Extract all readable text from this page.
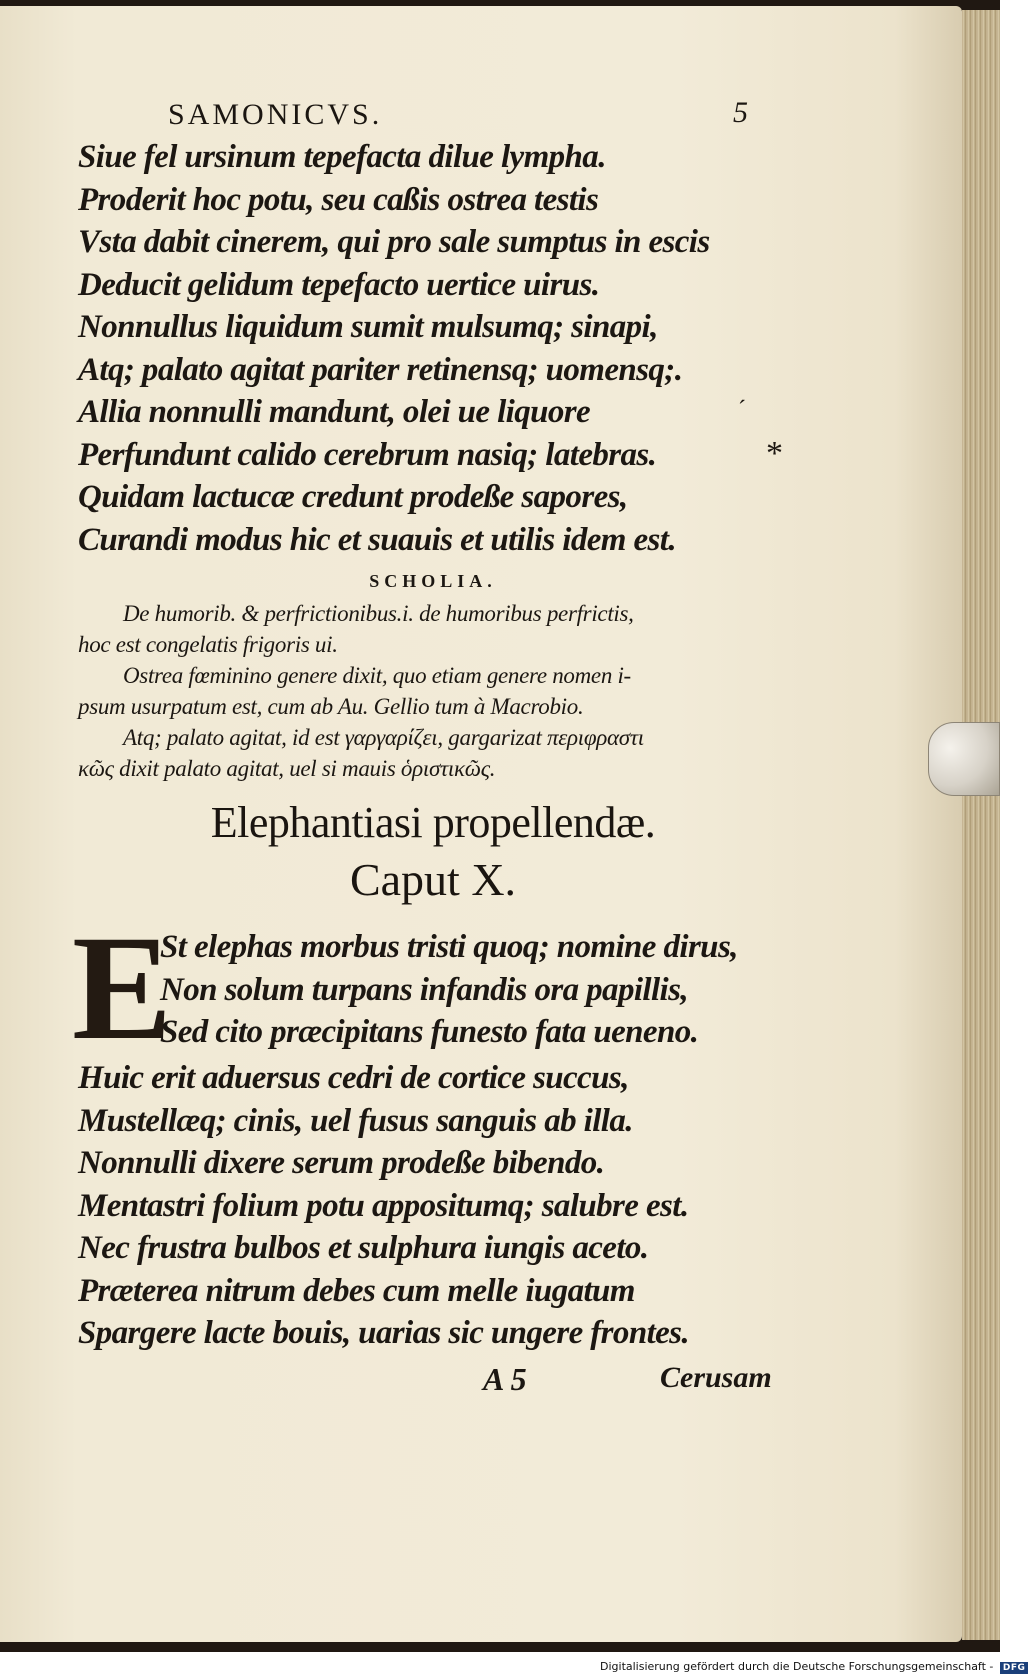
SAMONICVS.	5
Siue fel ursinum tepefacta dilue lympha.
Proderit hoc potu, seu caßis ostrea testis
Vsta dabit cinerem, qui pro sale sumptus in escis
Deducit gelidum tepefacto uertice uirus.
Nonnullus liquidum sumit mulsumq; sinapi,
Atq; palato agitat pariter retinensq; uomensq;.
Allia nonnulli mandunt, olei ue liquore
Perfundunt calido cerebrum nasiq; latebras.
Quidam lactucæ credunt prodeße sapores,
Curandi modus hic et suauis et utilis idem est.
SCHOLIA.
De humorib. & perfrictionibus.i. de humoribus perfrictis,
hoc est congelatis frigoris ui.
Ostrea fœminino genere dixit, quo etiam genere nomen i-
psum usurpatum est, cum ab Au. Gellio tum à Macrobio.
Atq; palato agitat, id est γαργαρίζει, gargarizat περιφραστι
κῶς dixit palato agitat, uel si mauis ὁριστικῶς.
Elephantiasi propellendæ.
Caput X.
E
St elephas morbus tristi quoq; nomine dirus,
Non solum turpans infandis ora papillis,
Sed cito præcipitans funesto fata ueneno.
Huic erit aduersus cedri de cortice succus,
Mustellæq; cinis, uel fusus sanguis ab illa.
Nonnulli dixere serum prodeße bibendo.
Mentastri folium potu appositumq; salubre est.
Nec frustra bulbos et sulphura iungis aceto.
Præterea nitrum debes cum melle iugatum
Spargere lacte bouis, uarias sic ungere frontes.
A 5	Cerusam
´
*
Digitalisierung gefördert durch die Deutsche Forschungsgemeinschaft - DFG
